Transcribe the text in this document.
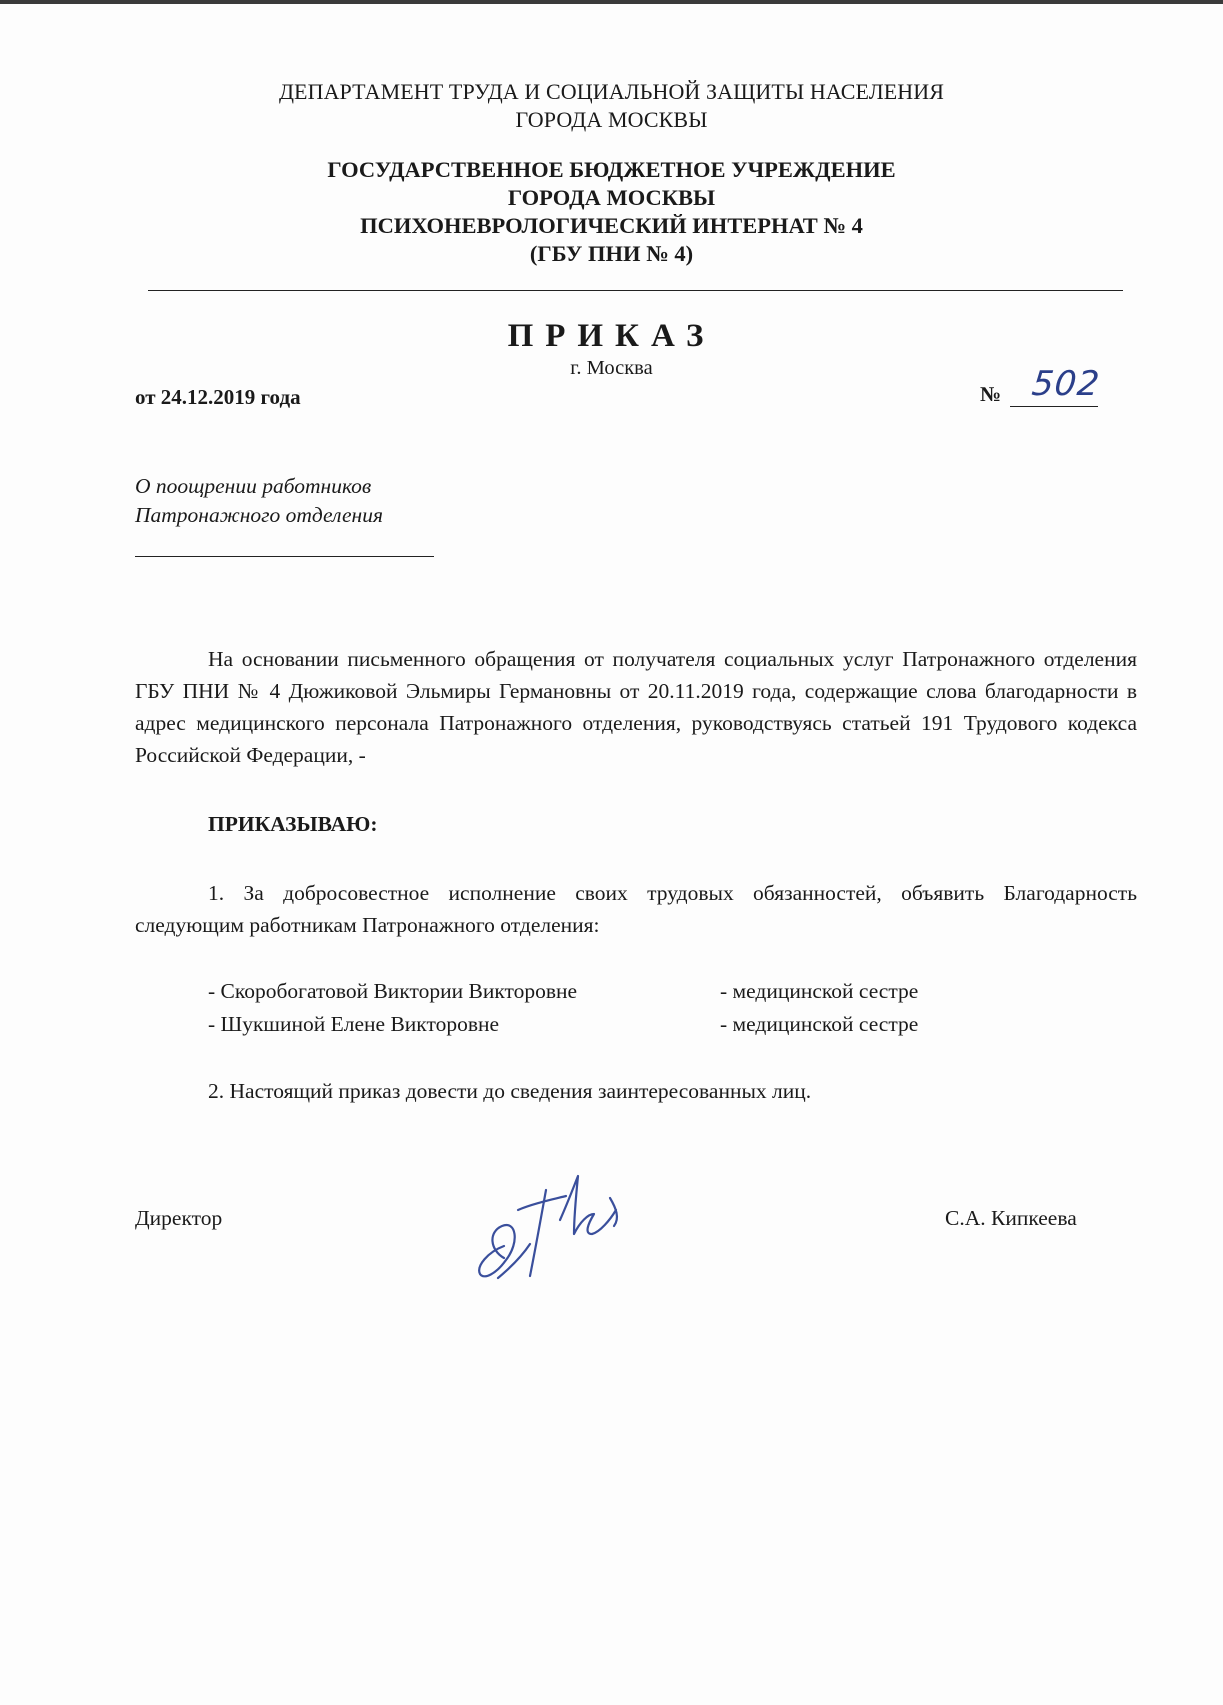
ДЕПАРТАМЕНТ ТРУДА И СОЦИАЛЬНОЙ ЗАЩИТЫ НАСЕЛЕНИЯ
ГОРОДА МОСКВЫ
ГОСУДАРСТВЕННОЕ БЮДЖЕТНОЕ УЧРЕЖДЕНИЕ
ГОРОДА МОСКВЫ
ПСИХОНЕВРОЛОГИЧЕСКИЙ ИНТЕРНАТ № 4
(ГБУ ПНИ № 4)
ПРИКАЗ
г. Москва
от 24.12.2019 года	№ 502
О поощрении работников
Патронажного отделения
На основании письменного обращения от получателя социальных услуг Патронажного отделения ГБУ ПНИ № 4 Дюжиковой Эльмиры Германовны от 20.11.2019 года, содержащие слова благодарности в адрес медицинского персонала Патронажного отделения, руководствуясь статьей 191 Трудового кодекса Российской Федерации, -
ПРИКАЗЫВАЮ:
1. За добросовестное исполнение своих трудовых обязанностей, объявить Благодарность следующим работникам Патронажного отделения:
- Скоробогатовой Виктории Викторовне	- медицинской сестре
- Шукшиной Елене Викторовне	- медицинской сестре
2. Настоящий приказ довести до сведения заинтересованных лиц.
Директор	С.А. Кипкеева
